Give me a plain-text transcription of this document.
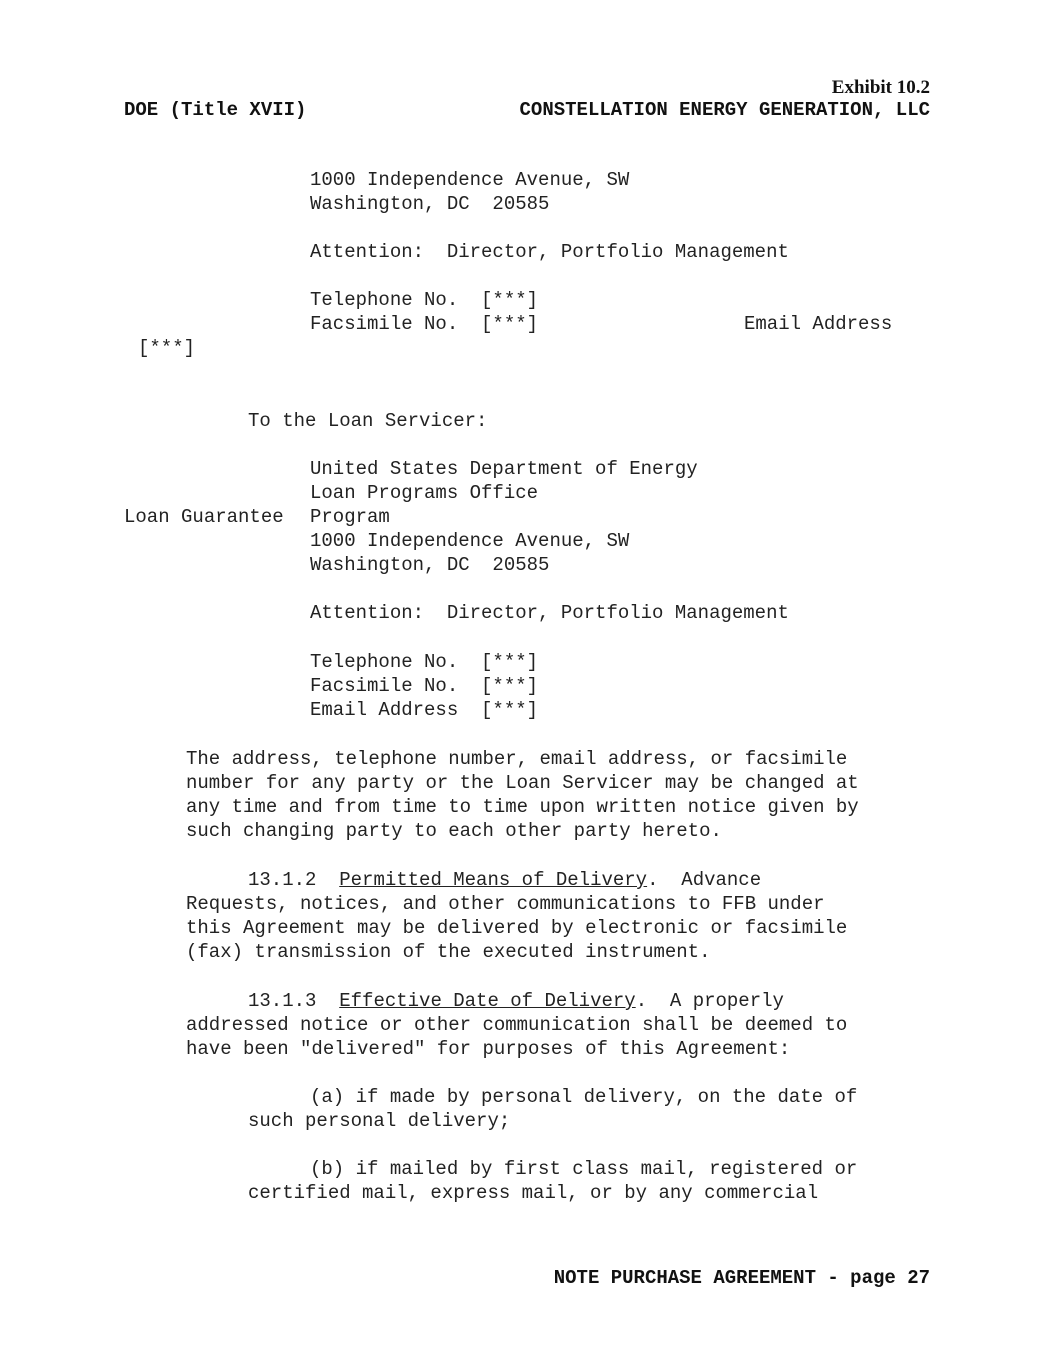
Exhibit 10.2
DOE (Title XVII)	CONSTELLATION ENERGY GENERATION, LLC
1000 Independence Avenue, SW
Washington, DC  20585
Attention:  Director, Portfolio Management
Telephone No.  [***]
Facsimile No.  [***]	Email Address
[***]
To the Loan Servicer:
United States Department of Energy
Loan Programs Office
Loan Guarantee Program
1000 Independence Avenue, SW
Washington, DC  20585
Attention:  Director, Portfolio Management
Telephone No.  [***]
Facsimile No.  [***]
Email Address  [***]
The address, telephone number, email address, or facsimile
number for any party or the Loan Servicer may be changed at
any time and from time to time upon written notice given by
such changing party to each other party hereto.
13.1.2 Permitted Means of Delivery.  Advance
Requests, notices, and other communications to FFB under
this Agreement may be delivered by electronic or facsimile
(fax) transmission of the executed instrument.
13.1.3 Effective Date of Delivery.  A properly
addressed notice or other communication shall be deemed to
have been "delivered" for purposes of this Agreement:
(a) if made by personal delivery, on the date of
such personal delivery;
(b) if mailed by first class mail, registered or
certified mail, express mail, or by any commercial
NOTE PURCHASE AGREEMENT - page 27
